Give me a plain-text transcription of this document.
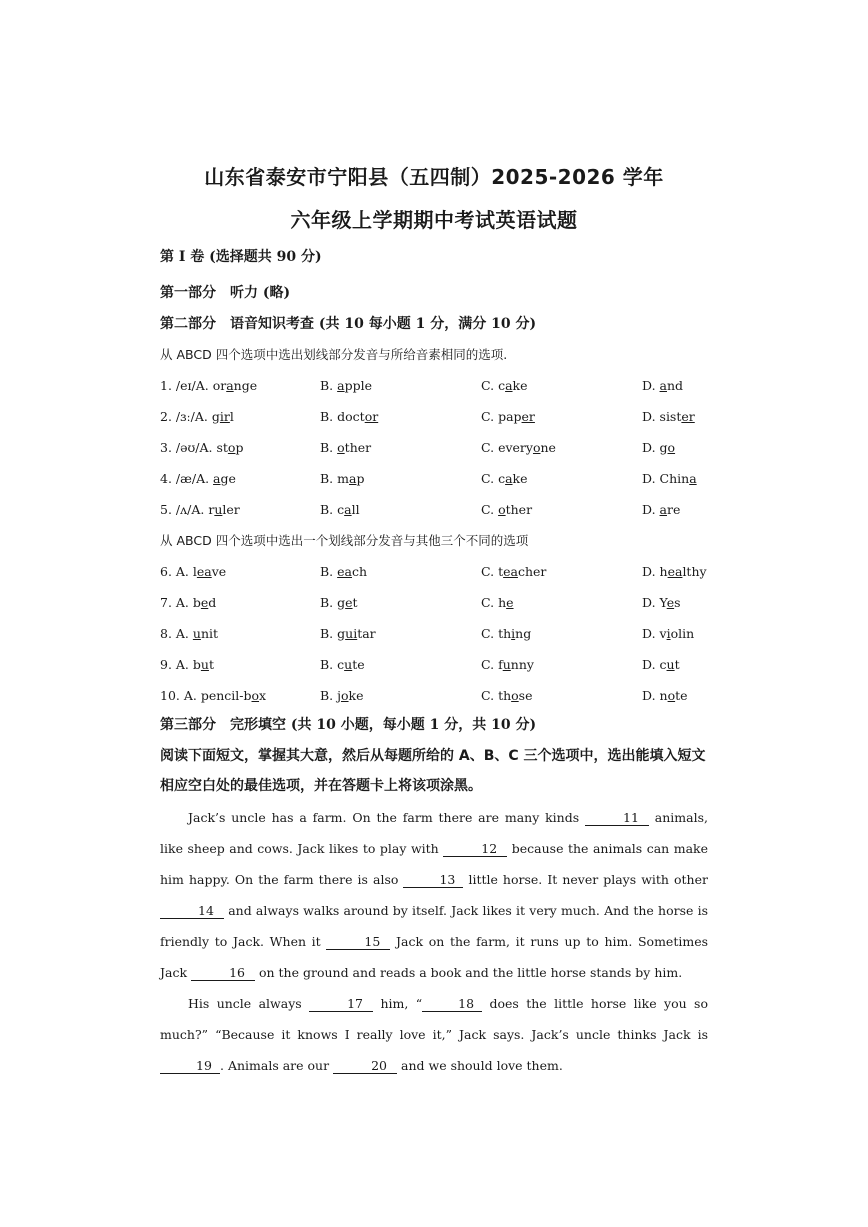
山东省泰安市宁阳县（五四制）2025-2026 学年
六年级上学期期中考试英语试题
第 I 卷 (选择题共 90 分)
第一部分　听力 (略)
第二部分　语音知识考查 (共 10 每小题 1 分，满分 10 分)
从 ABCD 四个选项中选出划线部分发音与所给音素相同的选项.
1. /eɪ/A. orange	B. apple	C. cake	D. and
2. /ɜː/A. girl	B. doctor	C. paper	D. sister
3. /əʊ/A. stop	B. other	C. everyone	D. go
4. /æ/A. age	B. map	C. cake	D. China
5. /ʌ/A. ruler	B. call	C. other	D. are
从 ABCD 四个选项中选出一个划线部分发音与其他三个不同的选项
6. A. leave	B. each	C. teacher	D. healthy
7. A. bed	B. get	C. he	D. Yes
8. A. unit	B. guitar	C. thing	D. violin
9. A. but	B. cute	C. funny	D. cut
10. A. pencil-box	B. joke	C. those	D. note
第三部分　完形填空 (共 10 小题，每小题 1 分，共 10 分)
阅读下面短文，掌握其大意，然后从每题所给的 A、B、C 三个选项中，选出能填入短文相应空白处的最佳选项，并在答题卡上将该项涂黑。

Jack’s uncle has a farm. On the farm there are many kinds	11 animals, like sheep and cows. Jack likes to play with	12 because the animals can make him happy. On the farm there is also	13 little horse. It never plays with other 14 and always walks around by itself. Jack likes it very much. And the horse is friendly to Jack. When it	15 Jack on the farm, it runs up to him. Sometimes Jack	16 on the ground and reads a book and the little horse stands by him.

His uncle always	17 him, “	18 does the little horse like you so much?” “Because it knows I really love it,” Jack says. Jack’s uncle thinks Jack is 19 . Animals are our	20 and we should love them.
